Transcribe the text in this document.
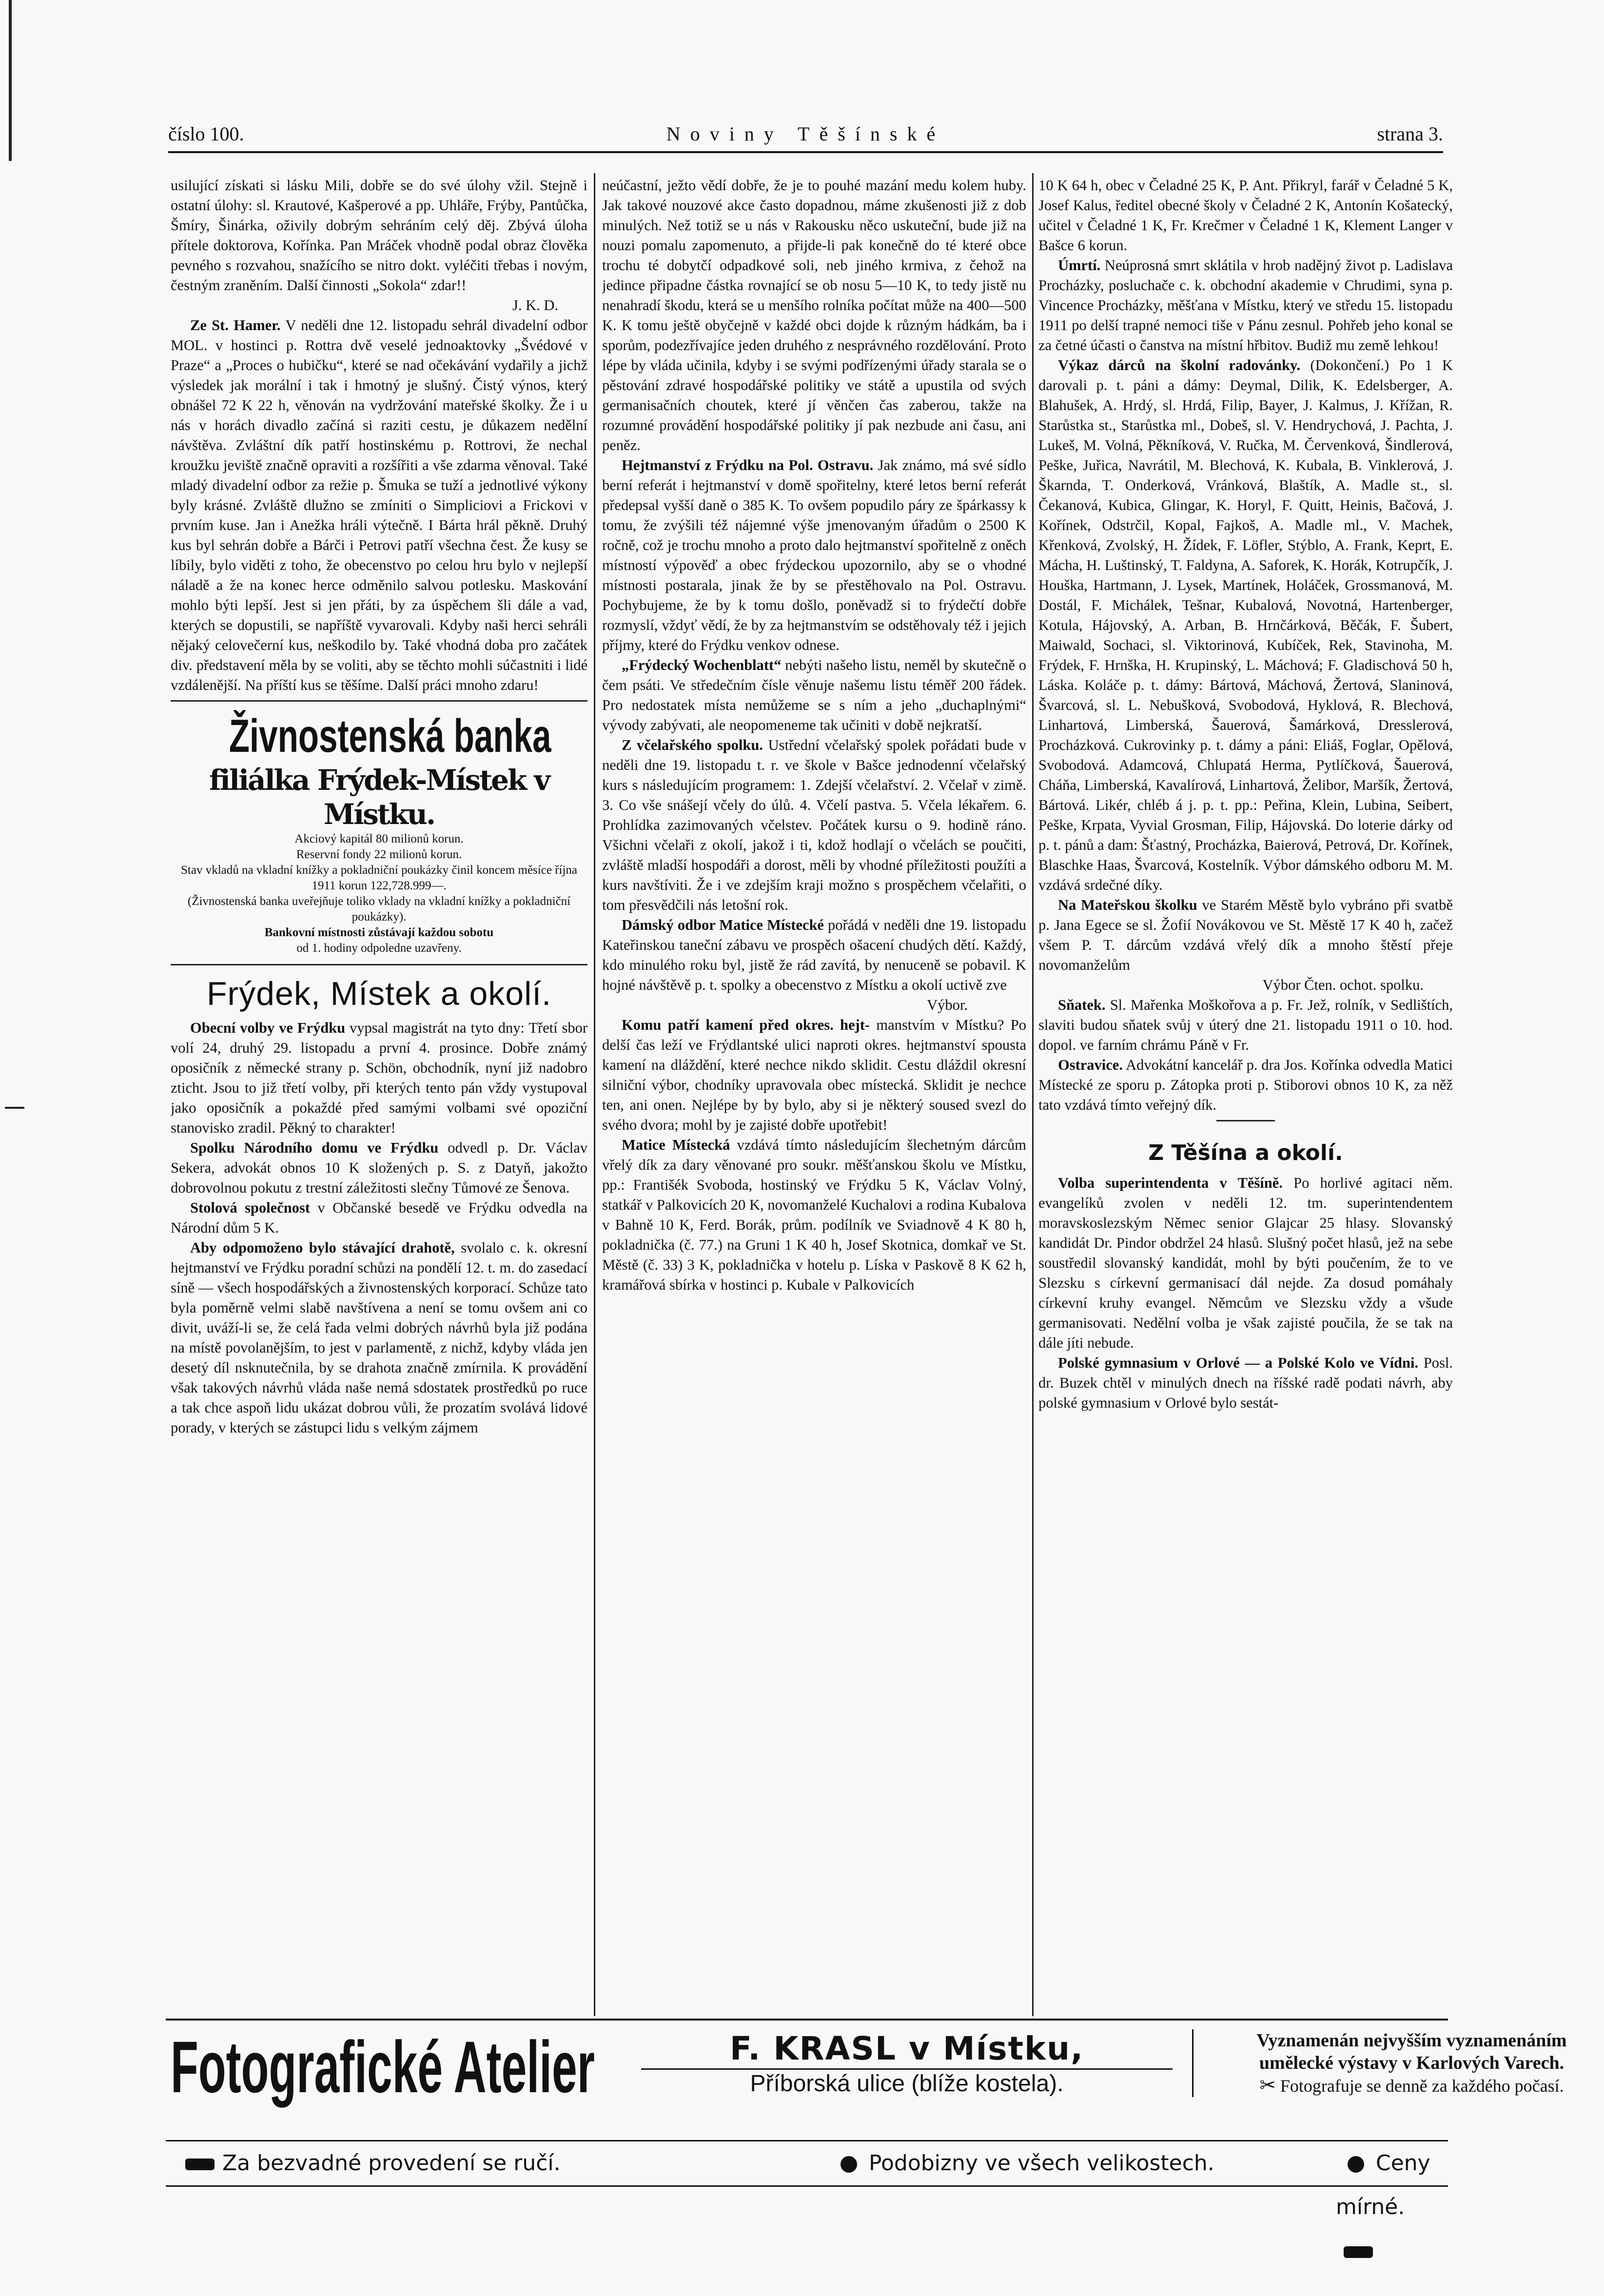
číslo 100.	Noviny Těšínské	strana 3.

usilující získati si lásku Mili, dobře se do své úlohy vžil. Stejně i ostatní úlohy: sl. Krautové, Kašperové a pp. Uhláře, Frýby, Pantůčka, Šmíry, Šinárka, oživily dobrým sehráním celý děj. Zbývá úloha přítele doktorova, Kořínka. Pan Mráček vhodně podal obraz člověka pevného s rozvahou, snažícího se nitro dokt. vyléčiti třebas i novým, čestným zraněním. Další činnosti „Sokola“ zdar!!

J. K. D.

Ze St. Hamer. V neděli dne 12. listopadu sehrál divadelní odbor MOL. v hostinci p. Rottra dvě veselé jednoaktovky „Švédové v Praze“ a „Proces o hubičku“, které se nad očekávání vydařily a jichž výsledek jak morální i tak i hmotný je slušný. Čistý výnos, který obnášel 72 K 22 h, věnován na vydržování mateřské školky. Že i u nás v horách divadlo začíná si raziti cestu, je důkazem nedělní návštěva. Zvláštní dík patří hostinskému p. Rottrovi, že nechal kroužku jeviště značně opraviti a rozšířiti a vše zdarma věnoval. Také mladý divadelní odbor za režie p. Šmuka se tuží a jednotlivé výkony byly krásné. Zvláště dlužno se zmíniti o Simpliciovi a Frickovi v prvním kuse. Jan i Anežka hráli výtečně. I Bárta hrál pěkně. Druhý kus byl sehrán dobře a Bárči i Petrovi patří všechna čest. Že kusy se líbily, bylo viděti z toho, že obecenstvo po celou hru bylo v nejlepší náladě a že na konec herce odměnilo salvou potlesku. Maskování mohlo býti lepší. Jest si jen přáti, by za úspěchem šli dále a vad, kterých se dopustili, se napříště vyvarovali. Kdyby naši herci sehráli nějaký celovečerní kus, neškodilo by. Také vhodná doba pro začátek div. představení měla by se voliti, aby se těchto mohli súčastniti i lidé vzdálenější. Na příští kus se těšíme. Další práci mnoho zdaru!

Živnostenská banka
filiálka Frýdek-Místek v Místku.

Akciový kapitál 80 milionů korun.

Reservní fondy 22 milionů korun.

Stav vkladů na vkladní knížky a pokladniční poukázky činil koncem měsíce října 1911 korun 122,728.999—.

(Živnostenská banka uveřejňuje toliko vklady na vkladní knížky a pokladniční poukázky).

Bankovní místnosti zůstávají každou sobotu

od 1. hodiny odpoledne uzavřeny.

Frýdek, Místek a okolí.

Obecní volby ve Frýdku vypsal magistrát na tyto dny: Třetí sbor volí 24, druhý 29. listopadu a první 4. prosince. Dobře známý oposičník z německé strany p. Schön, obchodník, nyní již nadobro zticht. Jsou to již třetí volby, při kterých tento pán vždy vystupoval jako oposičník a pokaždé před samými volbami své opoziční stanovisko zradil. Pěkný to charakter!

Spolku Národního domu ve Frýdku odvedl p. Dr. Václav Sekera, advokát obnos 10 K složených p. S. z Datyň, jakožto dobrovolnou pokutu z trestní záležitosti slečny Tůmové ze Šenova.

Stolová společnost v Občanské besedě ve Frýdku odvedla na Národní dům 5 K.

Aby odpomoženo bylo stávající drahotě, svolalo c. k. okresní hejtmanství ve Frýdku poradní schůzi na pondělí 12. t. m. do zasedací síně — všech hospodářských a živnostenských korporací. Schůze tato byla poměrně velmi slabě navštívena a není se tomu ovšem ani co divit, uváží-li se, že celá řada velmi dobrých návrhů byla již podána na místě povolanějším, to jest v parlamentě, z nichž, kdyby vláda jen desetý díl nsknutečnila, by se drahota značně zmírnila. K provádění však takových návrhů vláda naše nemá sdostatek prostředků po ruce a tak chce aspoň lidu ukázat dobrou vůli, že prozatím svolává lidové porady, v kterých se zástupci lidu s velkým zájmem

neúčastní, ježto vědí dobře, že je to pouhé mazání medu kolem huby. Jak takové nouzové akce často dopadnou, máme zkušenosti již z dob minulých. Než totiž se u nás v Rakousku něco uskuteční, bude již na nouzi pomalu zapomenuto, a přijde-li pak konečně do té které obce trochu té dobytčí odpadkové soli, neb jiného krmiva, z čehož na jedince připadne částka rovnající se ob nosu 5—10 K, to tedy jistě nu nenahradí škodu, která se u menšího rolníka počítat může na 400—500 K. K tomu ještě obyčejně v každé obci dojde k různým hádkám, ba i sporům, podezřívajíce jeden druhého z nesprávného rozdělování. Proto lépe by vláda učinila, kdyby i se svými podřízenými úřady starala se o pěstování zdravé hospodářské politiky ve státě a upustila od svých germanisačních choutek, které jí věnčen čas zaberou, takže na rozumné provádění hospodářské politiky jí pak nezbude ani času, ani peněz.

Hejtmanství z Frýdku na Pol. Ostravu. Jak známo, má své sídlo berní referát i hejtmanství v domě spořitelny, které letos berní referát předepsal vyšší daně o 385 K. To ovšem popudilo páry ze špárkassy k tomu, že zvýšili též nájemné výše jmenovaným úřadům o 2500 K ročně, což je trochu mnoho a proto dalo hejtmanství spořitelně z oněch místností výpověď a obec frýdeckou upozornilo, aby se o vhodné místnosti postarala, jinak že by se přestěhovalo na Pol. Ostravu. Pochybujeme, že by k tomu došlo, poněvadž si to frýdečtí dobře rozmyslí, vždyť vědí, že by za hejtmanstvím se odstěhovaly též i jejich příjmy, které do Frýdku venkov odnese.

„Frýdecký Wochenblatt“ nebýti našeho listu, neměl by skutečně o čem psáti. Ve středečním čísle věnuje našemu listu téměř 200 řádek. Pro nedostatek místa nemůžeme se s ním a jeho „duchaplnými“ vývody zabývati, ale neopomeneme tak učiniti v době nejkratší.

Z včelařského spolku. Ustřední včelařský spolek pořádati bude v neděli dne 19. listopadu t. r. ve škole v Bašce jednodenní včelařský kurs s následujícím programem: 1. Zdejší včelařství. 2. Včelař v zimě. 3. Co vše snášejí včely do úlů. 4. Včelí pastva. 5. Včela lékařem. 6. Prohlídka zazimovaných včelstev. Počátek kursu o 9. hodině ráno. Všichni včelaři z okolí, jakož i ti, kdož hodlají o včelách se poučiti, zvláště mladší hospodáři a dorost, měli by vhodné příležitosti použíti a kurs navštíviti. Že i ve zdejším kraji možno s prospěchem včelařiti, o tom přesvědčili nás letošní rok.

Dámský odbor Matice Místecké pořádá v neděli dne 19. listopadu Kateřinskou taneční zábavu ve prospěch ošacení chudých dětí. Každý, kdo minulého roku byl, jistě že rád zavítá, by nenuceně se pobavil. K hojné návštěvě p. t. spolky a obecenstvo z Místku a okolí uctivě zve

Výbor.

Komu patří kamení před okres. hejt- manstvím v Místku? Po delší čas leží ve Frýdlantské ulici naproti okres. hejtmanství spousta kamení na dláždění, které nechce nikdo sklidit. Cestu dláždil okresní silniční výbor, chodníky upravovala obec místecká. Sklidit je nechce ten, ani onen. Nejlépe by by bylo, aby si je některý soused svezl do svého dvora; mohl by je zajisté dobře upotřebit!

Matice Místecká vzdává tímto následujícím šlechetným dárcům vřelý dík za dary věnované pro soukr. měšťanskou školu ve Místku, pp.: Františék Svoboda, hostinský ve Frýdku 5 K, Václav Volný, statkář v Palkovicích 20 K, novomanželé Kuchalovi a rodina Kubalova v Bahně 10 K, Ferd. Borák, prům. podílník ve Sviadnově 4 K 80 h, pokladnička (č. 77.) na Gruni 1 K 40 h, Josef Skotnica, domkař ve St. Městě (č. 33) 3 K, pokladnička v hotelu p. Líska v Paskově 8 K 62 h, kramářová sbírka v hostinci p. Kubale v Palkovicích

10 K 64 h, obec v Čeladné 25 K, P. Ant. Přikryl, farář v Čeladné 5 K, Josef Kalus, ředitel obecné školy v Čeladné 2 K, Antonín Košatecký, učitel v Čeladné 1 K, Fr. Krečmer v Čeladné 1 K, Klement Langer v Bašce 6 korun.

Úmrtí. Neúprosná smrt sklátila v hrob nadějný život p. Ladislava Procházky, posluchače c. k. obchodní akademie v Chrudimi, syna p. Vincence Procházky, měšťana v Místku, který ve středu 15. listopadu 1911 po delší trapné nemoci tiše v Pánu zesnul. Pohřeb jeho konal se za četné účasti o čanstva na místní hřbitov. Budiž mu země lehkou!

Výkaz dárců na školní radovánky. (Dokončení.) Po 1 K darovali p. t. páni a dámy: Deymal, Dilik, K. Edelsberger, A. Blahušek, A. Hrdý, sl. Hrdá, Filip, Bayer, J. Kalmus, J. Křížan, R. Starůstka st., Starůstka ml., Dobeš, sl. V. Hendrychová, J. Pachta, J. Lukeš, M. Volná, Pěkníková, V. Ručka, M. Červenková, Šindlerová, Peške, Juřica, Navrátil, M. Blechová, K. Kubala, B. Vinklerová, J. Škarnda, T. Onderková, Vránková, Blaštík, A. Madle st., sl. Čekanová, Kubica, Glingar, K. Horyl, F. Quitt, Heinis, Bačová, J. Kořínek, Odstrčil, Kopal, Fajkoš, A. Madle ml., V. Machek, Křenková, Zvolský, H. Žídek, F. Löfler, Stýblo, A. Frank, Keprt, E. Mácha, H. Luštinský, T. Faldyna, A. Saforek, K. Horák, Kotrupčík, J. Houška, Hartmann, J. Lysek, Martínek, Holáček, Grossmanová, M. Dostál, F. Michálek, Tešnar, Kubalová, Novotná, Hartenberger, Kotula, Hájovský, A. Arban, B. Hrnčárková, Běčák, F. Šubert, Maiwald, Sochaci, sl. Viktorinová, Kubíček, Rek, Stavinoha, M. Frýdek, F. Hrnška, H. Krupinský, L. Máchová; F. Gladischová 50 h, Láska. Koláče p. t. dámy: Bártová, Máchová, Žertová, Slaninová, Švarcová, sl. L. Nebušková, Svobodová, Hyklová, R. Blechová, Linhartová, Limberská, Šauerová, Šamárková, Dresslerová, Procházková. Cukrovinky p. t. dámy a páni: Eliáš, Foglar, Opělová, Svobodová. Adamcová, Chlupatá Herma, Pytlíčková, Šauerová, Cháňa, Limberská, Kavalírová, Linhartová, Želibor, Maršík, Žertová, Bártová. Likér, chléb á j. p. t. pp.: Peřina, Klein, Lubina, Seibert, Peške, Krpata, Vyvial Grosman, Filip, Hájovská. Do loterie dárky od p. t. pánů a dam: Šťastný, Procházka, Baierová, Petrová, Dr. Kořínek, Blaschke Haas, Švarcová, Kostelník. Výbor dámského odboru M. M. vzdává srdečné díky.

Na Mateřskou školku ve Starém Městě bylo vybráno při svatbě p. Jana Egece se sl. Žofií Novákovou ve St. Městě 17 K 40 h, začež všem P. T. dárcům vzdává vřelý dík a mnoho štěstí přeje novomanželům

Výbor Čten. ochot. spolku.

Sňatek. Sl. Mařenka Moškořova a p. Fr. Jež, rolník, v Sedlištích, slaviti budou sňatek svůj v úterý dne 21. listopadu 1911 o 10. hod. dopol. ve farním chrámu Páně v Fr.

Ostravice. Advokátní kancelář p. dra Jos. Kořínka odvedla Matici Místecké ze sporu p. Zátopka proti p. Stiborovi obnos 10 K, za něž tato vzdává tímto veřejný dík.

Z Těšína a okolí.

Volba superintendenta v Těšíně. Po horlivé agitaci něm. evangelíků zvolen v neděli 12. tm. superintendentem moravskoslezským Němec senior Glajcar 25 hlasy. Slovanský kandidát Dr. Pindor obdržel 24 hlasů. Slušný počet hlasů, jež na sebe soustředil slovanský kandidát, mohl by býti poučením, že to ve Slezsku s církevní germanisací dál nejde. Za dosud pomáhaly církevní kruhy evangel. Němcům ve Slezsku vždy a všude germanisovati. Nedělní volba je však zajisté poučila, že se tak na dále jíti nebude.

Polské gymnasium v Orlové — a Polské Kolo ve Vídni. Posl. dr. Buzek chtěl v minulých dnech na říšské radě podati návrh, aby polské gymnasium v Orlové bylo sestát-

Fotografické Atelier	F. KRASL v Místku,
Příborská ulice (blíže kostela).
Vyznamenán nejvyšším vyznamenáním
umělecké výstavy v Karlových Varech.
✂ Fotografuje se denně za každého počasí.
Za bezvadné provedení se ručí.	Podobizny ve všech velikostech.	Ceny mírné.
